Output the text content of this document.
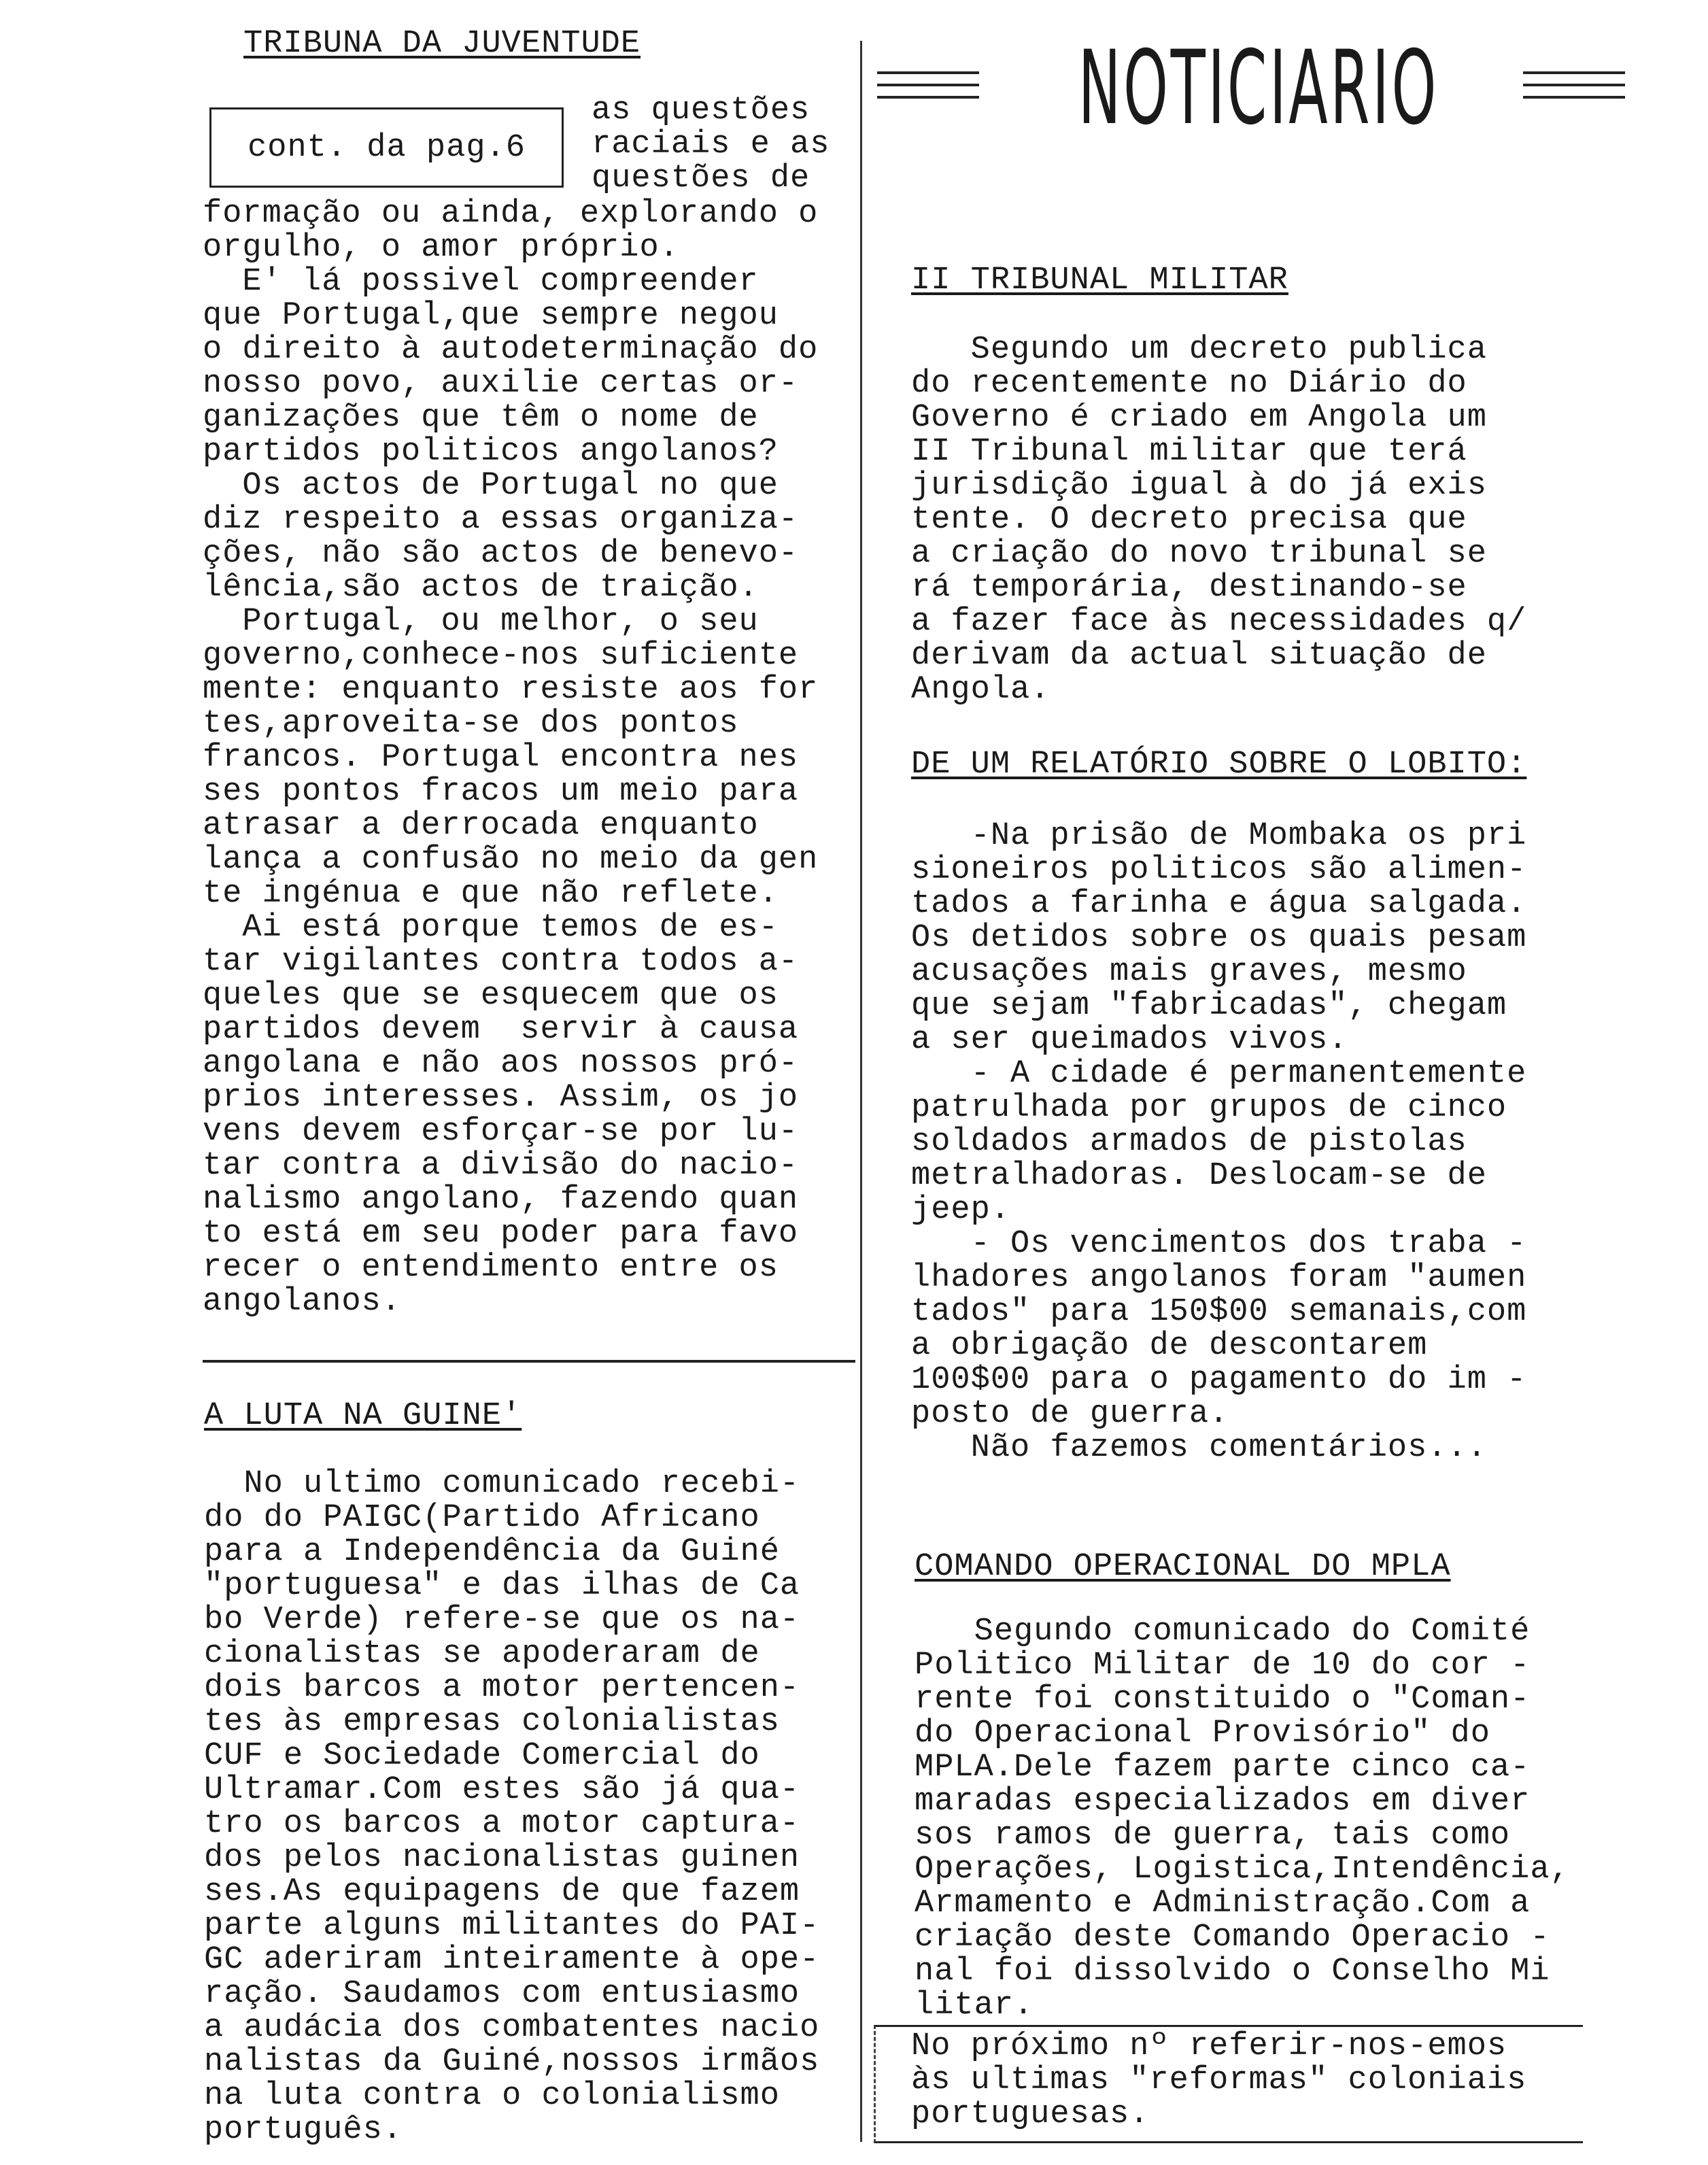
TRIBUNA DA JUVENTUDE
cont. da pag.6
as questões
raciais e as
questões de
formação ou ainda, explorando o
orgulho, o amor próprio.
E' lá possivel compreender
que Portugal,que sempre negou
o direito à autodeterminação do
nosso povo, auxilie certas or-
ganizações que têm o nome de
partidos politicos angolanos?
Os actos de Portugal no que
diz respeito a essas organiza-
ções, não são actos de benevo-
lência,são actos de traição.
Portugal, ou melhor, o seu
governo,conhece-nos suficiente
mente: enquanto resiste aos for
tes,aproveita-se dos pontos
francos. Portugal encontra nes
ses pontos fracos um meio para
atrasar a derrocada enquanto
lança a confusão no meio da gen
te ingénua e que não reflete.
Ai está porque temos de es-
tar vigilantes contra todos a-
queles que se esquecem que os
partidos devem  servir à causa
angolana e não aos nossos pró-
prios interesses. Assim, os jo
vens devem esforçar-se por lu-
tar contra a divisão do nacio-
nalismo angolano, fazendo quan
to está em seu poder para favo
recer o entendimento entre os
angolanos.
A LUTA NA GUINE'
No ultimo comunicado recebi-
do do PAIGC(Partido Africano
para a Independência da Guiné
"portuguesa" e das ilhas de Ca
bo Verde) refere-se que os na-
cionalistas se apoderaram de
dois barcos a motor pertencen-
tes às empresas colonialistas
CUF e Sociedade Comercial do
Ultramar.Com estes são já qua-
tro os barcos a motor captura-
dos pelos nacionalistas guinen
ses.As equipagens de que fazem
parte alguns militantes do PAI-
GC aderiram inteiramente à ope-
ração. Saudamos com entusiasmo
a audácia dos combatentes nacio
nalistas da Guiné,nossos irmãos
na luta contra o colonialismo
português.
NOTICIARIO
II TRIBUNAL MILITAR
Segundo um decreto publica
do recentemente no Diário do
Governo é criado em Angola um
II Tribunal militar que terá
jurisdição igual à do já exis
tente. O decreto precisa que
a criação do novo tribunal se
rá temporária, destinando-se
a fazer face às necessidades q/
derivam da actual situação de
Angola.
DE UM RELATÓRIO SOBRE O LOBITO:
-Na prisão de Mombaka os pri
sioneiros politicos são alimen-
tados a farinha e água salgada.
Os detidos sobre os quais pesam
acusações mais graves, mesmo
que sejam "fabricadas", chegam
a ser queimados vivos.
- A cidade é permanentemente
patrulhada por grupos de cinco
soldados armados de pistolas
metralhadoras. Deslocam-se de
jeep.
- Os vencimentos dos traba -
lhadores angolanos foram "aumen
tados" para 150$00 semanais,com
a obrigação de descontarem
100$00 para o pagamento do im -
posto de guerra.
Não fazemos comentários...
COMANDO OPERACIONAL DO MPLA
Segundo comunicado do Comité
Politico Militar de 10 do cor -
rente foi constituido o "Coman-
do Operacional Provisório" do
MPLA.Dele fazem parte cinco ca-
maradas especializados em diver
sos ramos de guerra, tais como
Operações, Logistica,Intendência,
Armamento e Administração.Com a
criação deste Comando Operacio -
nal foi dissolvido o Conselho Mi
litar.
No próximo nº referir-nos-emos
às ultimas "reformas" coloniais
portuguesas.
